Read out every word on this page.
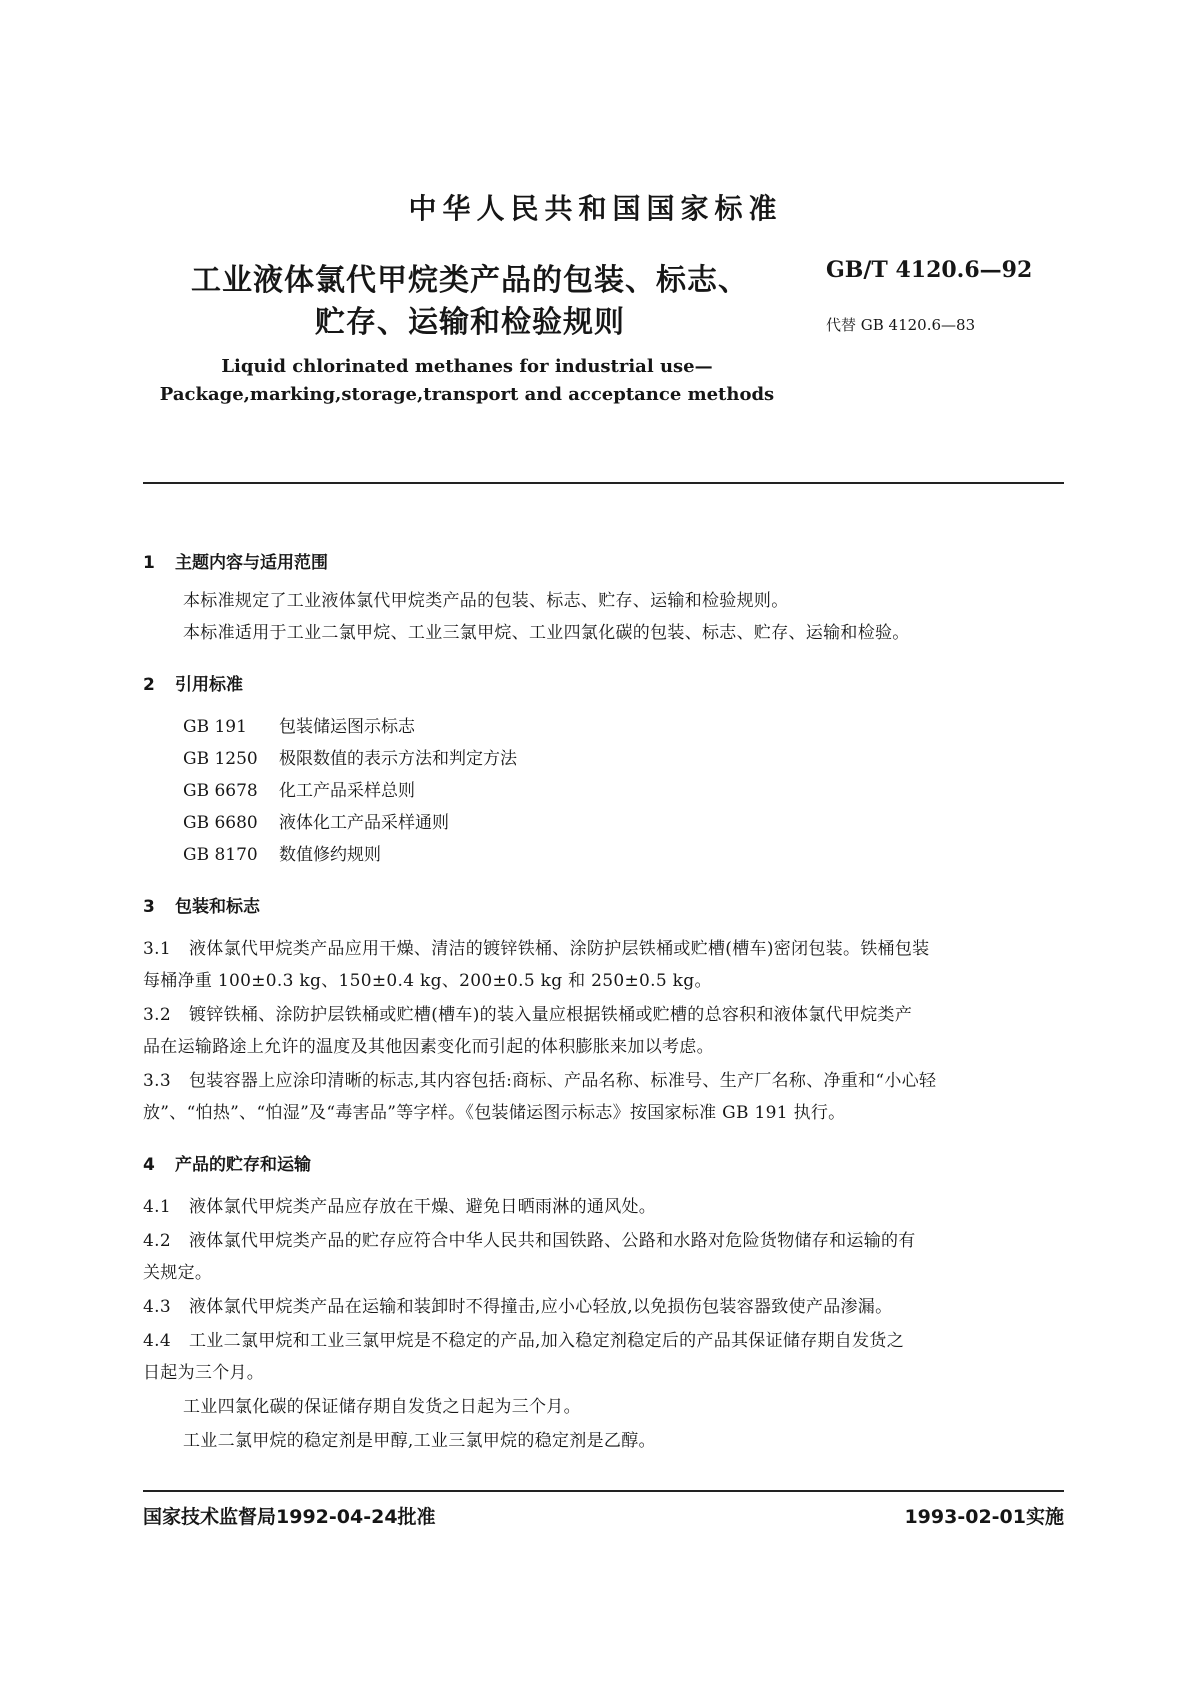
中华人民共和国国家标准
工业液体氯代甲烷类产品的包装、标志、
贮存、运输和检验规则
GB/T 4120.6—92
代替 GB 4120.6—83
Liquid chlorinated methanes for industrial use—
Package,marking,storage,transport and acceptance methods
1 主题内容与适用范围
本标准规定了工业液体氯代甲烷类产品的包装、标志、贮存、运输和检验规则。
本标准适用于工业二氯甲烷、工业三氯甲烷、工业四氯化碳的包装、标志、贮存、运输和检验。
2 引用标准
GB 191 包装储运图示标志
GB 1250 极限数值的表示方法和判定方法
GB 6678 化工产品采样总则
GB 6680 液体化工产品采样通则
GB 8170 数值修约规则
3 包装和标志
3.1 液体氯代甲烷类产品应用干燥、清洁的镀锌铁桶、涂防护层铁桶或贮槽(槽车)密闭包装。铁桶包装
每桶净重 100±0.3 kg、150±0.4 kg、200±0.5 kg 和 250±0.5 kg。
3.2 镀锌铁桶、涂防护层铁桶或贮槽(槽车)的装入量应根据铁桶或贮槽的总容积和液体氯代甲烷类产
品在运输路途上允许的温度及其他因素变化而引起的体积膨胀来加以考虑。
3.3 包装容器上应涂印清晰的标志,其内容包括:商标、产品名称、标准号、生产厂名称、净重和“小心轻
放”、“怕热”、“怕湿”及“毒害品”等字样。《包装储运图示标志》按国家标准 GB 191 执行。
4 产品的贮存和运输
4.1 液体氯代甲烷类产品应存放在干燥、避免日晒雨淋的通风处。
4.2 液体氯代甲烷类产品的贮存应符合中华人民共和国铁路、公路和水路对危险货物储存和运输的有
关规定。
4.3 液体氯代甲烷类产品在运输和装卸时不得撞击,应小心轻放,以免损伤包装容器致使产品渗漏。
4.4 工业二氯甲烷和工业三氯甲烷是不稳定的产品,加入稳定剂稳定后的产品其保证储存期自发货之
日起为三个月。
工业四氯化碳的保证储存期自发货之日起为三个月。
工业二氯甲烷的稳定剂是甲醇,工业三氯甲烷的稳定剂是乙醇。
国家技术监督局1992-04-24批准	1993-02-01实施
